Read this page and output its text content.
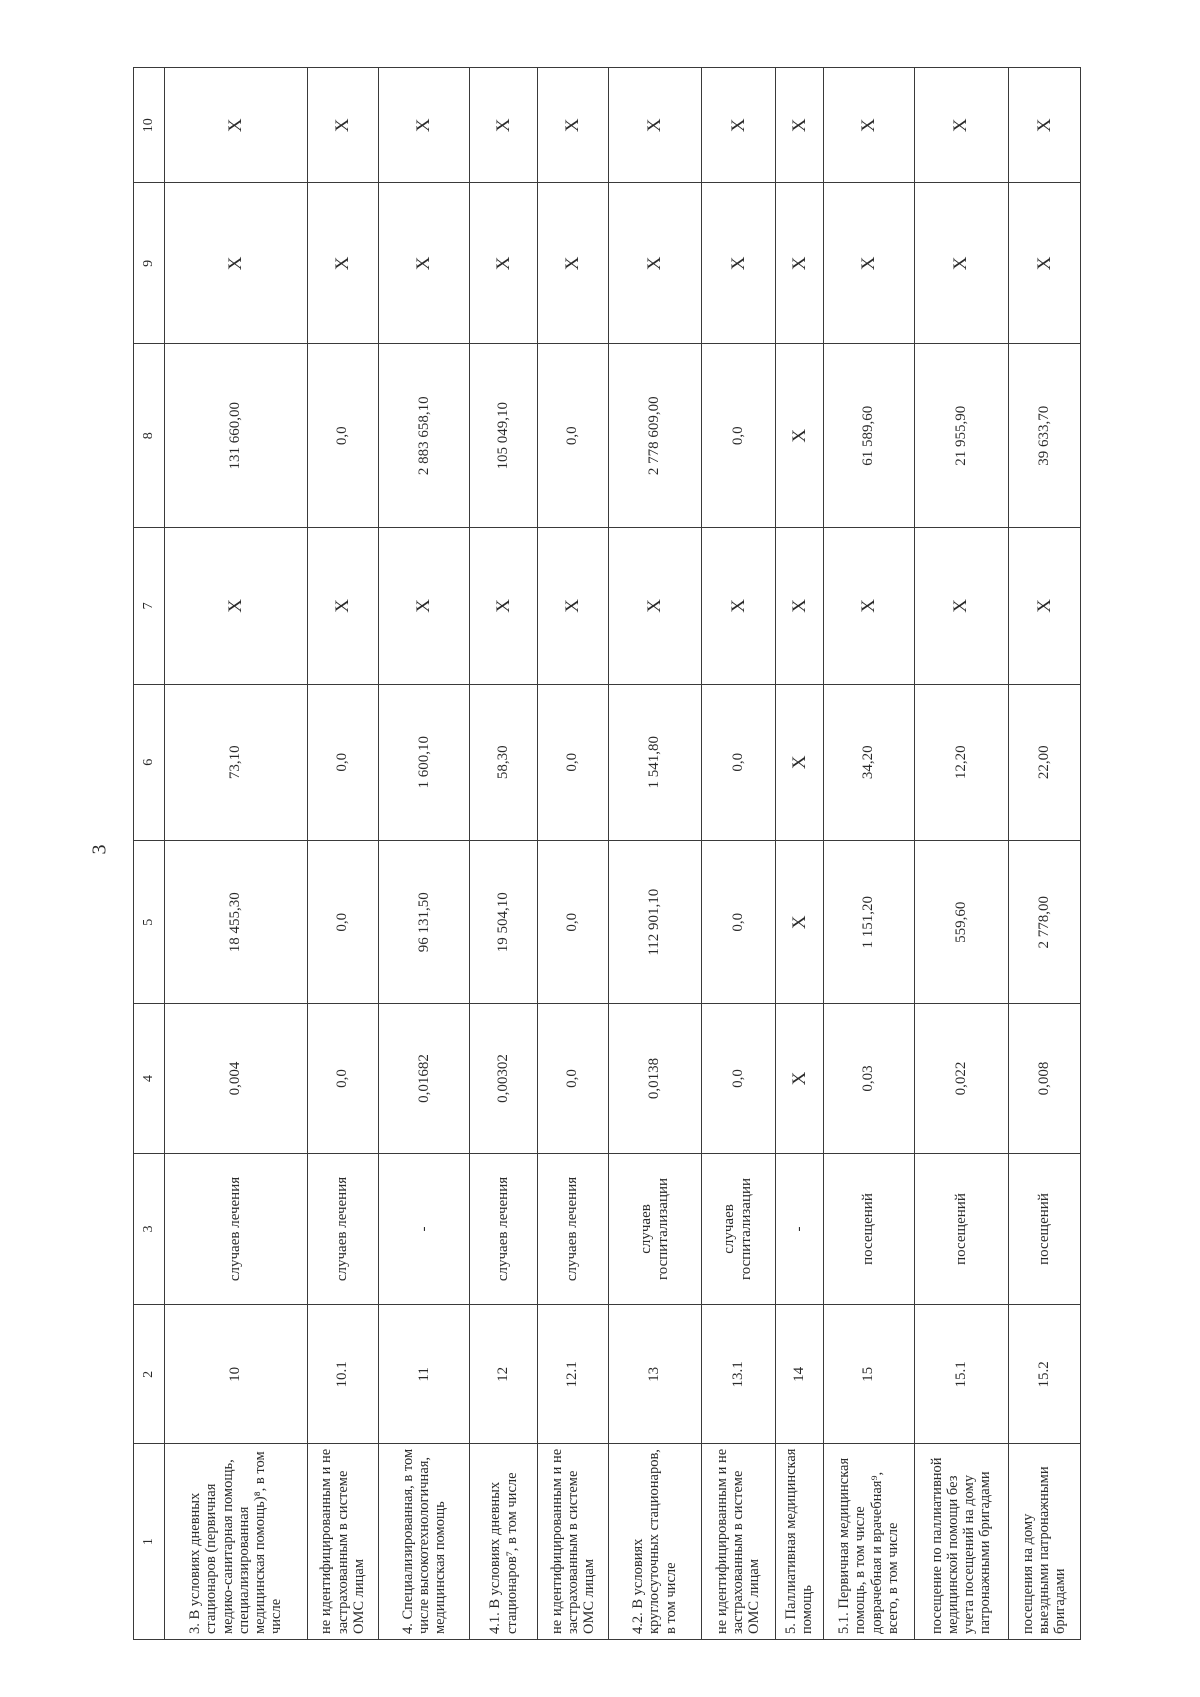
3
1	2	3	4	5	6	7	8	9	10
3. В условиях дневных стационаров (первичная медико-санитарная помощь, специализированная медицинская помощь)⁸, в том числе	10	случаев лечения	0,004	18 455,30	73,10	Х	131 660,00	Х	Х
не идентифицированным и не застрахованным в системе ОМС лицам	10.1	случаев лечения	0,0	0,0	0,0	Х	0,0	Х	Х
4. Специализированная, в том числе высокотехнологичная, медицинская помощь	11	-	0,01682	96 131,50	1 600,10	Х	2 883 658,10	Х	Х
4.1. В условиях дневных стационаров⁷, в том числе	12	случаев лечения	0,00302	19 504,10	58,30	Х	105 049,10	Х	Х
не идентифицированным и не застрахованным в системе ОМС лицам	12.1	случаев лечения	0,0	0,0	0,0	Х	0,0	Х	Х
4.2. В условиях круглосуточных стационаров, в том числе	13	случаев госпитализации	0,0138	112 901,10	1 541,80	Х	2 778 609,00	Х	Х
не идентифицированным и не застрахованным в системе ОМС лицам	13.1	случаев госпитализации	0,0	0,0	0,0	Х	0,0	Х	Х
5. Паллиативная медицинская помощь	14	-	Х	Х	Х	Х	Х	Х	Х
5.1. Первичная медицинская помощь, в том числе доврачебная и врачебная⁹, всего, в том числе	15	посещений	0,03	1 151,20	34,20	Х	61 589,60	Х	Х
посещение по паллиативной медицинской помощи без учета посещений на дому патронажными бригадами	15.1	посещений	0,022	559,60	12,20	Х	21 955,90	Х	Х
посещения на дому выездными патронажными бригадами	15.2	посещений	0,008	2 778,00	22,00	Х	39 633,70	Х	Х
